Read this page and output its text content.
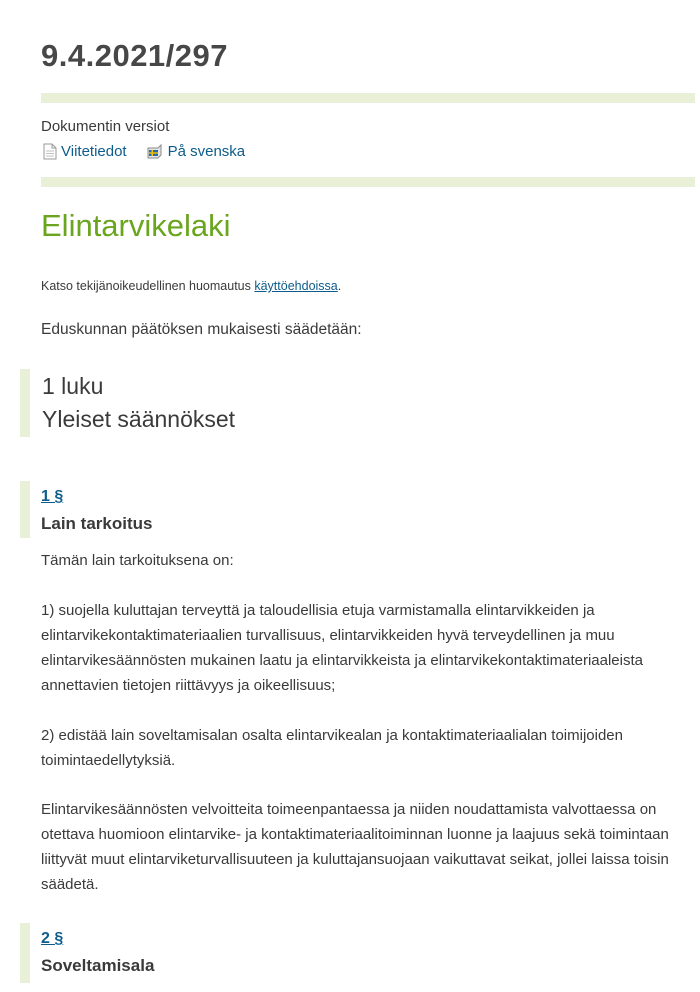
9.4.2021/297
Dokumentin versiot
Viitetiedot	På svenska
Elintarvikelaki
Katso tekijänoikeudellinen huomautus käyttöehdoissa.
Eduskunnan päätöksen mukaisesti säädetään:
1 luku
Yleiset säännökset
1 §
Lain tarkoitus

Tämän lain tarkoituksena on:

1) suojella kuluttajan terveyttä ja taloudellisia etuja varmistamalla elintarvikkeiden ja elintarvikekontaktimateriaalien turvallisuus, elintarvikkeiden hyvä terveydellinen ja muu elintarvikesäännösten mukainen laatu ja elintarvikkeista ja elintarvikekontaktimateriaaleista annettavien tietojen riittävyys ja oikeellisuus;

2) edistää lain soveltamisalan osalta elintarvikealan ja kontaktimateriaalialan toimijoiden toimintaedellytyksiä.

Elintarvikesäännösten velvoitteita toimeenpantaessa ja niiden noudattamista valvottaessa on otettava huomioon elintarvike- ja kontaktimateriaalitoiminnan luonne ja laajuus sekä toimintaan liittyvät muut elintarviketurvallisuuteen ja kuluttajansuojaan vaikuttavat seikat, jollei laissa toisin säädetä.

2 §
Soveltamisala
